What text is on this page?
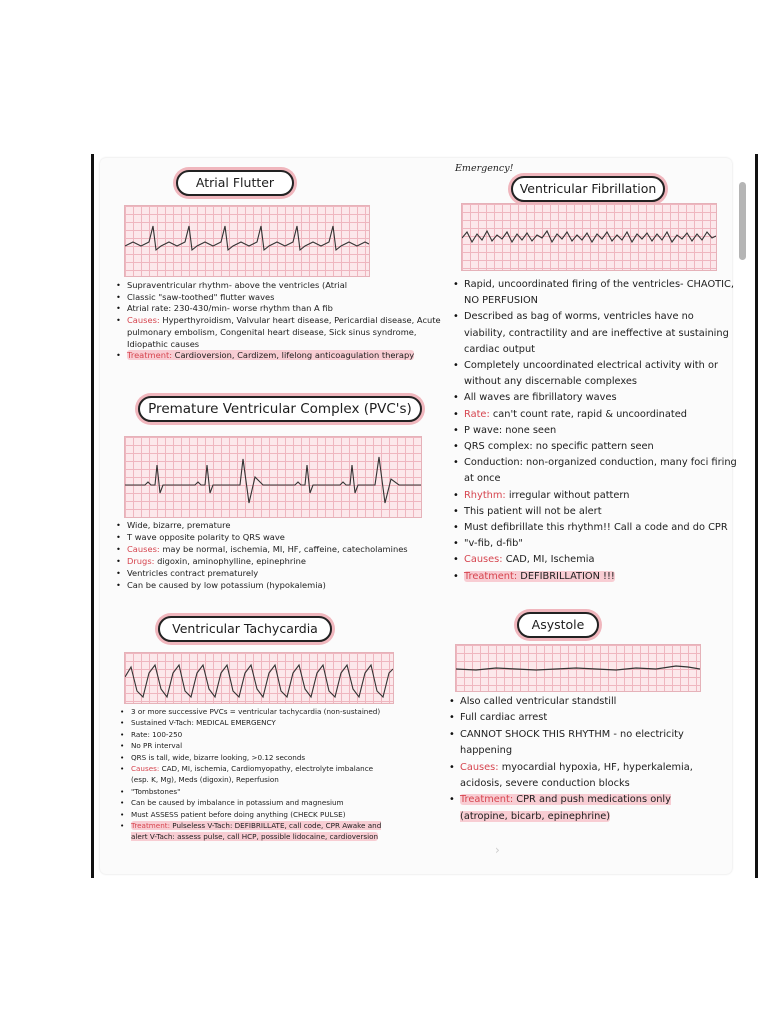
Emergency!
Atrial Flutter
• Supraventricular rhythm- above the ventricles (Atrial
• Classic "saw-toothed" flutter waves
• Atrial rate: 230-430/min- worse rhythm than A fib
• Causes: Hyperthyroidism, Valvular heart disease, Pericardial disease, Acute pulmonary embolism, Congenital heart disease, Sick sinus syndrome, Idiopathic causes
• Treatment: Cardioversion, Cardizem, lifelong anticoagulation therapy
Premature Ventricular Complex (PVC's)
• Wide, bizarre, premature
• T wave opposite polarity to QRS wave
• Causes: may be normal, ischemia, MI, HF, caffeine, catecholamines
• Drugs: digoxin, aminophylline, epinephrine
• Ventricles contract prematurely
• Can be caused by low potassium (hypokalemia)
Ventricular Tachycardia
• 3 or more successive PVCs = ventricular tachycardia (non-sustained)
• Sustained V-Tach: MEDICAL EMERGENCY
• Rate: 100-250
• No PR interval
• QRS is tall, wide, bizarre looking, >0.12 seconds
• Causes: CAD, MI, ischemia, Cardiomyopathy, electrolyte imbalance (esp. K, Mg), Meds (digoxin), Reperfusion
• "Tombstones"
• Can be caused by imbalance in potassium and magnesium
• Must ASSESS patient before doing anything (CHECK PULSE)
• Treatment: Pulseless V-Tach: DEFIBRILLATE, call code, CPR Awake and alert V-Tach: assess pulse, call HCP, possible lidocaine, cardioversion
Ventricular Fibrillation
• Rapid, uncoordinated firing of the ventricles- CHAOTIC, NO PERFUSION
• Described as bag of worms, ventricles have no viability, contractility and are ineffective at sustaining cardiac output
• Completely uncoordinated electrical activity with or without any discernable complexes
• All waves are fibrillatory waves
• Rate: can't count rate, rapid & uncoordinated
• P wave: none seen
• QRS complex: no specific pattern seen
• Conduction: non-organized conduction, many foci firing at once
• Rhythm: irregular without pattern
• This patient will not be alert
• Must defibrillate this rhythm!! Call a code and do CPR
• "v-fib, d-fib"
• Causes: CAD, MI, Ischemia
• Treatment: DEFIBRILLATION !!!
Asystole
• Also called ventricular standstill
• Full cardiac arrest
• CANNOT SHOCK THIS RHYTHM - no electricity happening
• Causes: myocardial hypoxia, HF, hyperkalemia, acidosis, severe conduction blocks
• Treatment: CPR and push medications only (atropine, bicarb, epinephrine)
›
